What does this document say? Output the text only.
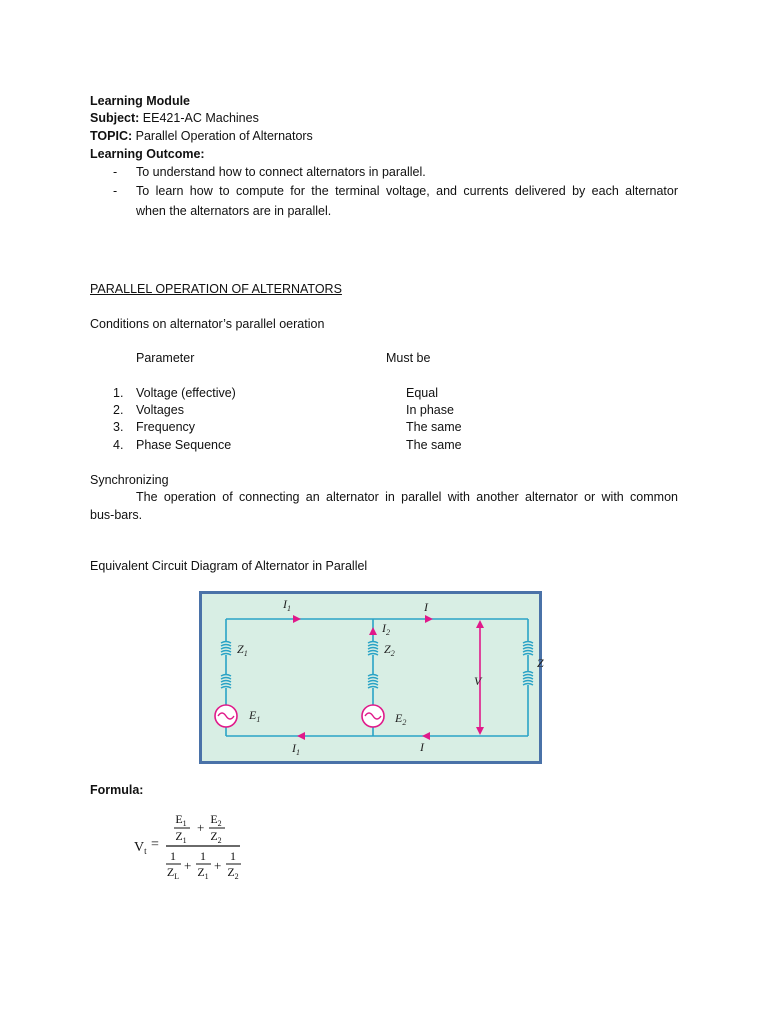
Learning Module
Subject: EE421-AC Machines
TOPIC: Parallel Operation of Alternators
Learning Outcome:
- To understand how to connect alternators in parallel.
- To learn how to compute for the terminal voltage, and currents delivered by each alternator
when the alternators are in parallel.
PARALLEL OPERATION OF ALTERNATORS
Conditions on alternator’s parallel oeration
Parameter	Must be
1. Voltage (effective)	Equal
2. Voltages	In phase
3. Frequency	The same
4. Phase Sequence	The same
Synchronizing
The operation of connecting an alternator in parallel with another alternator or with common
bus-bars.
Equivalent Circuit Diagram of Alternator in Parallel
$I_1$	I
$I_2$
$Z_1$	$Z_2$
Z
V
$E_1$	$E_2$
$I_1$	I
Formula:
$V_t$ =
$E_1$
$Z_1$
+
$E_2$
$Z_2$
1
$Z_L$
+
1
$Z_1$
+
1
$Z_2$
